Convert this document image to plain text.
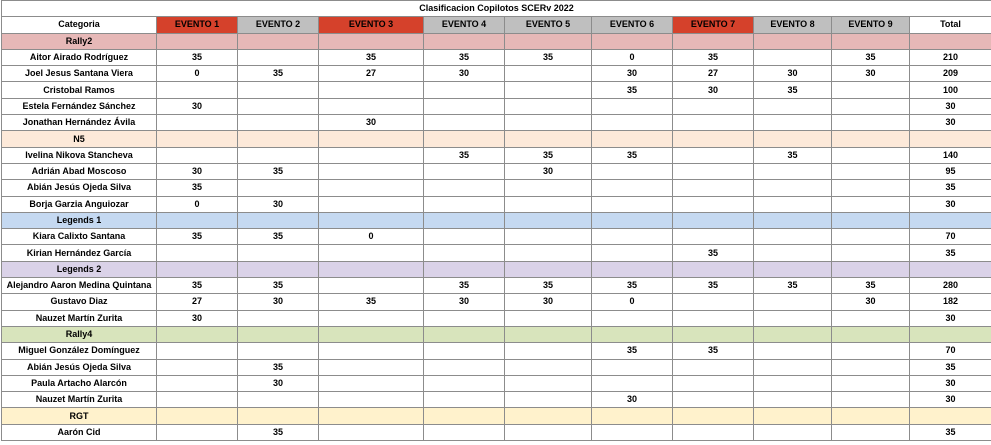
Clasificacion Copilotos SCERv 2022										
Categoria	EVENTO 1	EVENTO 2	EVENTO 3	EVENTO 4	EVENTO 5	EVENTO 6	EVENTO 7	EVENTO 8	EVENTO 9	Total
Rally2										
Aitor Airado Rodríguez	35		35	35	35	0	35		35	210
Joel Jesus Santana Viera	0	35	27	30		30	27	30	30	209
Cristobal Ramos						35	30	35		100
Estela Fernández Sánchez	30									30
Jonathan Hernández Ávila			30							30
N5										
Ivelina Nikova Stancheva				35	35	35		35		140
Adrián Abad Moscoso	30	35			30					95
Abián Jesús Ojeda Silva	35									35
Borja Garzia Anguiozar	0	30								30
Legends 1										
Kiara Calixto Santana	35	35	0							70
Kirian Hernández García							35			35
Legends 2										
Alejandro Aaron Medina Quintana	35	35		35	35	35	35	35	35	280
Gustavo Diaz	27	30	35	30	30	0			30	182
Nauzet Martín Zurita	30									30
Rally4										
Miguel González Domínguez						35	35			70
Abián Jesús Ojeda Silva		35								35
Paula Artacho Alarcón		30								30
Nauzet Martín Zurita						30				30
RGT										
Aarón Cid		35								35
